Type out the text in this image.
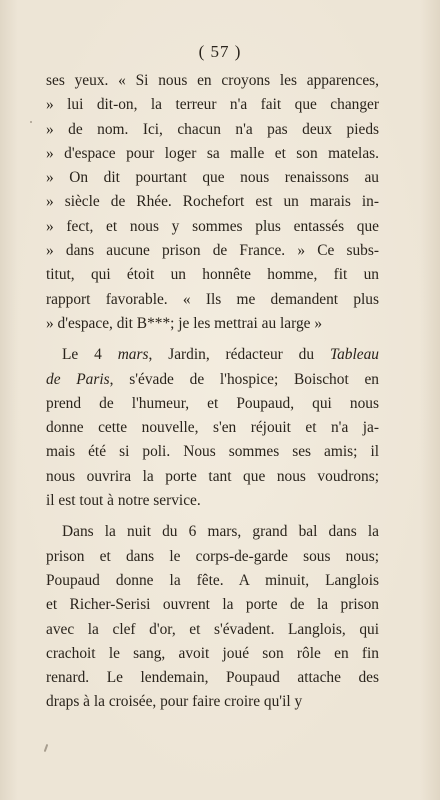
( 57 )
ses yeux. « Si nous en croyons les apparences,
» lui dit-on, la terreur n'a fait que changer
» de nom. Ici, chacun n'a pas deux pieds
» d'espace pour loger sa malle et son matelas.
» On dit pourtant que nous renaissons au
» siècle de Rhée. Rochefort est un marais in-
» fect, et nous y sommes plus entassés que
» dans aucune prison de France. » Ce subs-
titut, qui étoit un honnête homme, fit un
rapport favorable. « Ils me demandent plus
» d'espace, dit B***; je les mettrai au large »
Le 4 mars, Jardin, rédacteur du Tableau
de Paris, s'évade de l'hospice; Boischot en
prend de l'humeur, et Poupaud, qui nous
donne cette nouvelle, s'en réjouit et n'a ja-
mais été si poli. Nous sommes ses amis; il
nous ouvrira la porte tant que nous voudrons;
il est tout à notre service.
Dans la nuit du 6 mars, grand bal dans la
prison et dans le corps-de-garde sous nous;
Poupaud donne la fête. A minuit, Langlois
et Richer-Serisi ouvrent la porte de la prison
avec la clef d'or, et s'évadent. Langlois, qui
crachoit le sang, avoit joué son rôle en fin
renard. Le lendemain, Poupaud attache des
draps à la croisée, pour faire croire qu'il y
